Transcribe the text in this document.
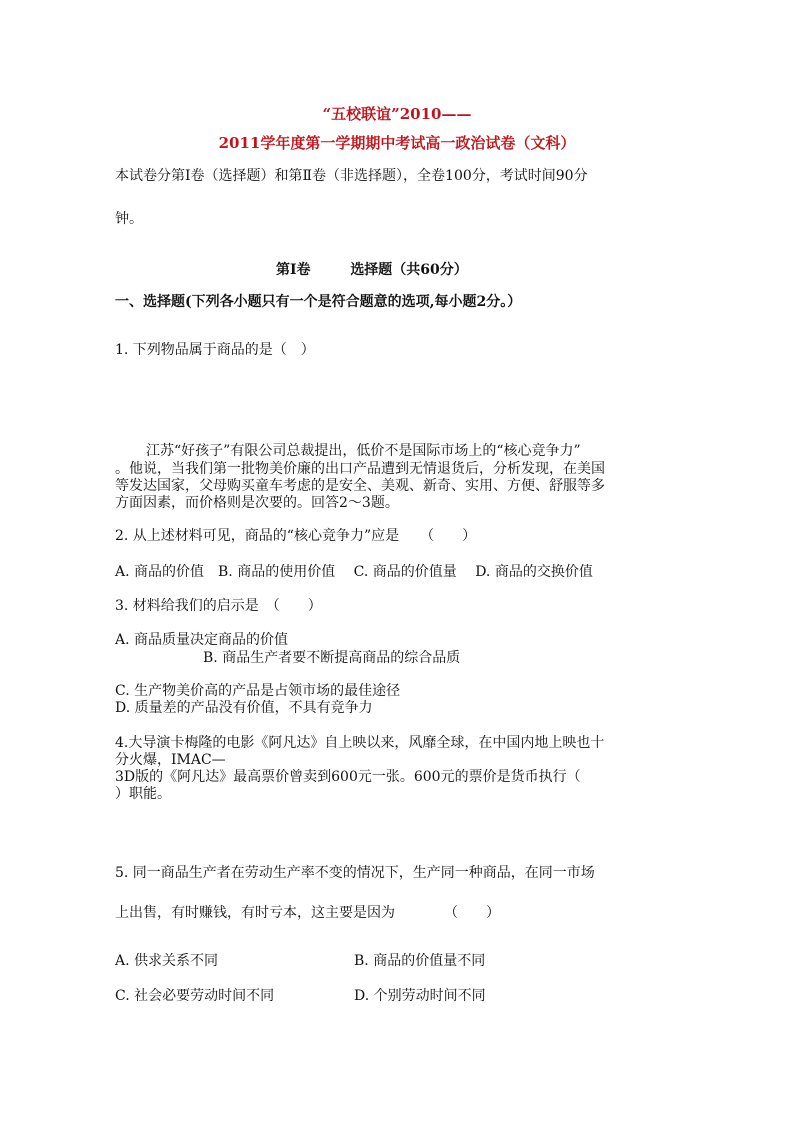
“五校联谊”2010——
2011学年度第一学期期中考试高一政治试卷（文科）
本试卷分第Ⅰ卷（选择题）和第Ⅱ卷（非选择题），全卷100分，考试时间90分
钟。
第Ⅰ卷	选择题（共60分）
一、选择题(下列各小题只有一个是符合题意的选项,每小题2分。）
1. 下列物品属于商品的是（　）
江苏“好孩子”有限公司总裁提出，低价不是国际市场上的“核心竞争力”
。他说，当我们第一批物美价廉的出口产品遭到无情退货后，分析发现，在美国
等发达国家，父母购买童车考虑的是安全、美观、新奇、实用、方便、舒服等多
方面因素，而价格则是次要的。回答2～3题。
2. 从上述材料可见，商品的“核心竞争力”应是　　（　　）
A. 商品的价值　B. 商品的使用价值　 C. 商品的价值量　 D. 商品的交换价值
3. 材料给我们的启示是　（　　）
A. 商品质量决定商品的价值
B. 商品生产者要不断提高商品的综合品质
C. 生产物美价高的产品是占领市场的最佳途径
D. 质量差的产品没有价值，不具有竞争力
4.大导演卡梅隆的电影《阿凡达》自上映以来，风靡全球，在中国内地上映也十
分火爆，IMAC—
3D版的《阿凡达》最高票价曾卖到600元一张。600元的票价是货币执行（
）职能。
5. 同一商品生产者在劳动生产率不变的情况下，生产同一种商品，在同一市场
上出售，有时赚钱，有时亏本，这主要是因为　　　　（　　）
A. 供求关系不同	B. 商品的价值量不同
C. 社会必要劳动时间不同	D. 个别劳动时间不同
